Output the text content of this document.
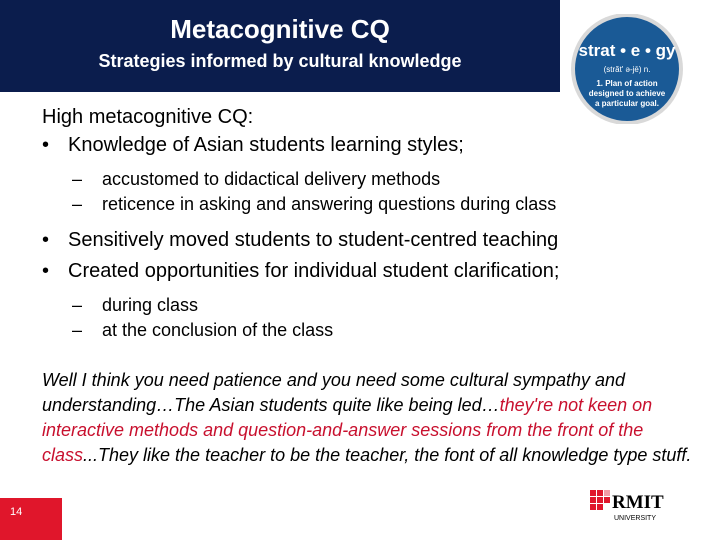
Metacognitive CQ
Strategies informed by cultural knowledge
strat • e • gy
(străt' ə-jē) n.
1. Plan of action
designed to achieve
a particular goal.
High metacognitive CQ:
• Knowledge of Asian students learning styles;
– accustomed to didactical delivery methods
– reticence in asking and answering questions during class
• Sensitively moved students to student-centred teaching
• Created opportunities for individual student clarification;
– during class
– at the conclusion of the class
Well I think you need patience and you need some cultural sympathy and understanding…The Asian students quite like being led…they're not keen on interactive methods and question-and-answer sessions from the front of the class...They like the teacher to be the teacher, the font of all knowledge type stuff.
14	RMIT
UNIVERSITY
